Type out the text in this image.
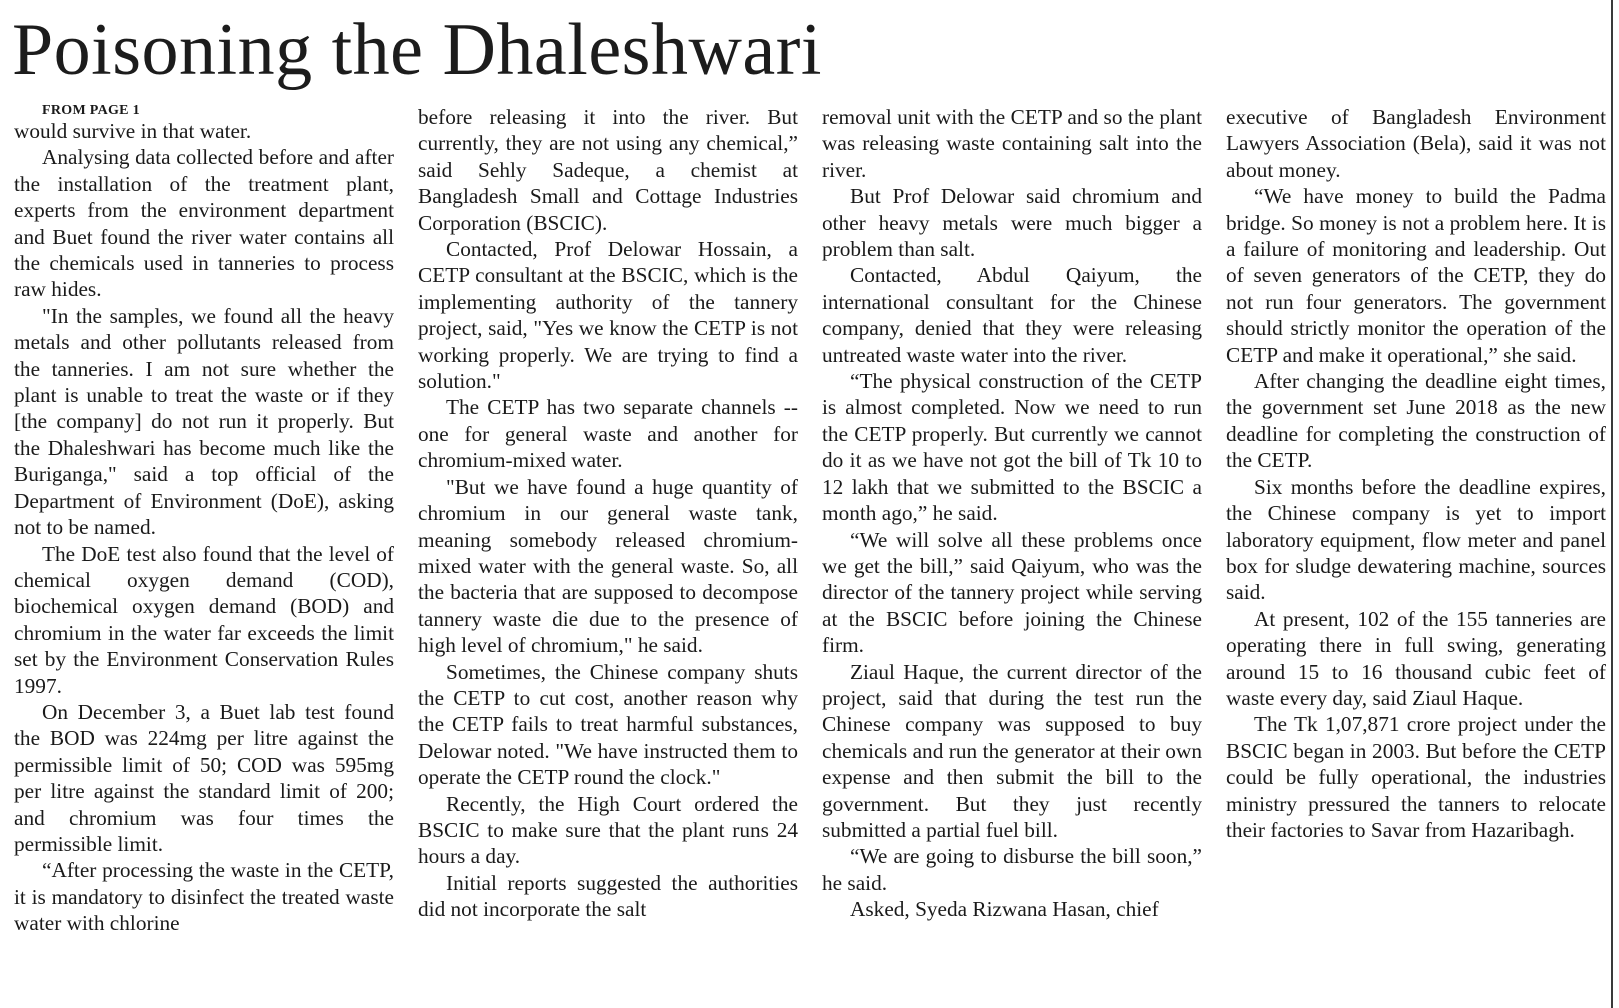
Poisoning the Dhaleshwari

FROM PAGE 1

would survive in that water.

Analysing data collected before and after the installation of the treatment plant, experts from the environment department and Buet found the river water contains all the chemicals used in tanneries to process raw hides.

"In the samples, we found all the heavy metals and other pollutants released from the tanneries. I am not sure whether the plant is unable to treat the waste or if they [the company] do not run it properly. But the Dhaleshwari has become much like the Buriganga," said a top official of the Department of Environment (DoE), asking not to be named.

The DoE test also found that the level of chemical oxygen demand (COD), biochemical oxygen demand (BOD) and chromium in the water far exceeds the limit set by the Environment Conservation Rules 1997.

On December 3, a Buet lab test found the BOD was 224mg per litre against the permissible limit of 50; COD was 595mg per litre against the standard limit of 200; and chromium was four times the permissible limit.

“After processing the waste in the CETP, it is mandatory to disinfect the treated waste water with chlorine

before releasing it into the river. But currently, they are not using any chemical,” said Sehly Sadeque, a chemist at Bangladesh Small and Cottage Industries Corporation (BSCIC).

Contacted, Prof Delowar Hossain, a CETP consultant at the BSCIC, which is the implementing authority of the tannery project, said, "Yes we know the CETP is not working properly. We are trying to find a solution."

The CETP has two separate channels -- one for general waste and another for chromium-mixed water.

"But we have found a huge quantity of chromium in our general waste tank, meaning somebody released chromium-mixed water with the general waste. So, all the bacteria that are supposed to decompose tannery waste die due to the presence of high level of chromium," he said.

Sometimes, the Chinese company shuts the CETP to cut cost, another reason why the CETP fails to treat harmful substances, Delowar noted. "We have instructed them to operate the CETP round the clock."

Recently, the High Court ordered the BSCIC to make sure that the plant runs 24 hours a day.

Initial reports suggested the authorities did not incorporate the salt

removal unit with the CETP and so the plant was releasing waste containing salt into the river.

But Prof Delowar said chromium and other heavy metals were much bigger a problem than salt.

Contacted, Abdul Qaiyum, the international consultant for the Chinese company, denied that they were releasing untreated waste water into the river.

“The physical construction of the CETP is almost completed. Now we need to run the CETP properly. But currently we cannot do it as we have not got the bill of Tk 10 to 12 lakh that we submitted to the BSCIC a month ago,” he said.

“We will solve all these problems once we get the bill,” said Qaiyum, who was the director of the tannery project while serving at the BSCIC before joining the Chinese firm.

Ziaul Haque, the current director of the project, said that during the test run the Chinese company was supposed to buy chemicals and run the generator at their own expense and then submit the bill to the government. But they just recently submitted a partial fuel bill.

“We are going to disburse the bill soon,” he said.

Asked, Syeda Rizwana Hasan, chief

executive of Bangladesh Environment Lawyers Association (Bela), said it was not about money.

“We have money to build the Padma bridge. So money is not a problem here. It is a failure of monitoring and leadership. Out of seven generators of the CETP, they do not run four generators. The government should strictly monitor the operation of the CETP and make it operational,” she said.

After changing the deadline eight times, the government set June 2018 as the new deadline for completing the construction of the CETP.

Six months before the deadline expires, the Chinese company is yet to import laboratory equipment, flow meter and panel box for sludge dewatering machine, sources said.

At present, 102 of the 155 tanneries are operating there in full swing, generating around 15 to 16 thousand cubic feet of waste every day, said Ziaul Haque.

The Tk 1,07,871 crore project under the BSCIC began in 2003. But before the CETP could be fully operational, the industries ministry pressured the tanners to relocate their factories to Savar from Hazaribagh.
